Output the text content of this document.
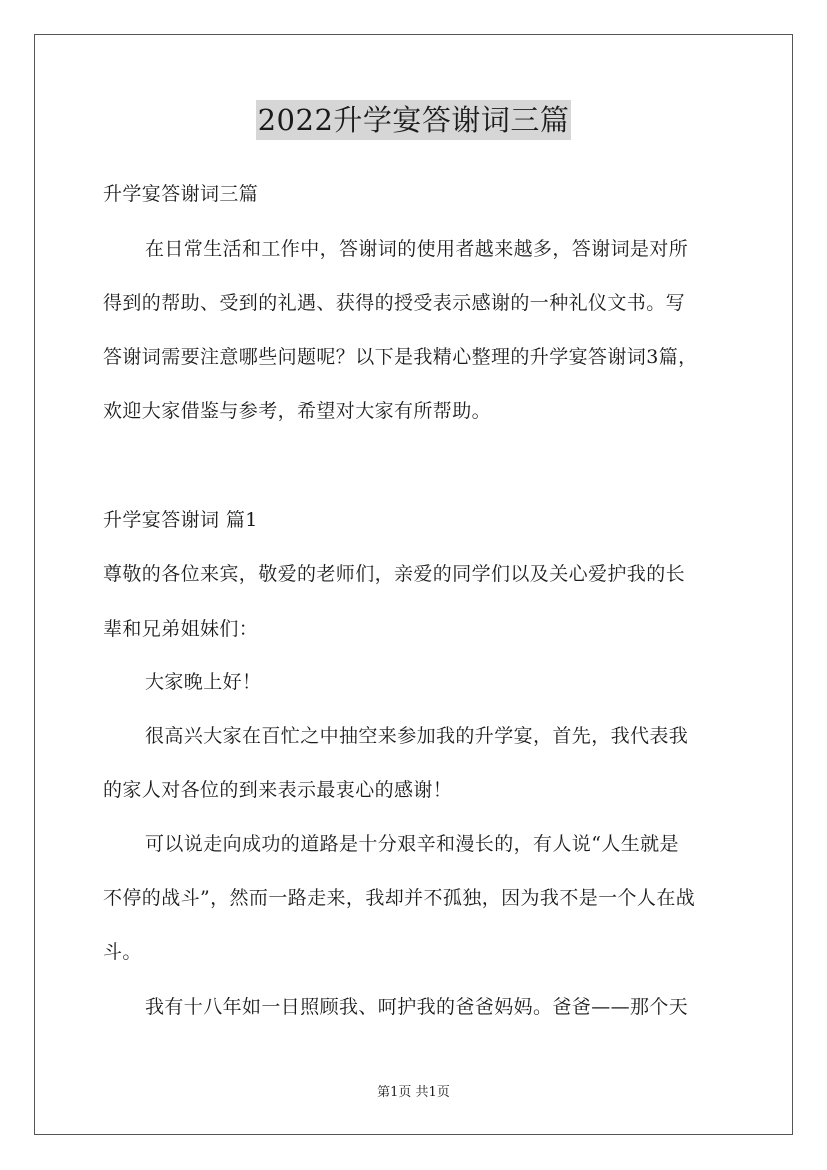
2022升学宴答谢词三篇
升学宴答谢词三篇
在日常生活和工作中，答谢词的使用者越来越多，答谢词是对所
得到的帮助、受到的礼遇、获得的授受表示感谢的一种礼仪文书。写
答谢词需要注意哪些问题呢？以下是我精心整理的升学宴答谢词3篇，
欢迎大家借鉴与参考，希望对大家有所帮助。
升学宴答谢词 篇1
尊敬的各位来宾，敬爱的老师们，亲爱的同学们以及关心爱护我的长
辈和兄弟姐妹们：
大家晚上好！
很高兴大家在百忙之中抽空来参加我的升学宴，首先，我代表我
的家人对各位的到来表示最衷心的感谢！
可以说走向成功的道路是十分艰辛和漫长的，有人说“人生就是
不停的战斗”，然而一路走来，我却并不孤独，因为我不是一个人在战
斗。
我有十八年如一日照顾我、呵护我的爸爸妈妈。爸爸——那个天
第1页 共1页
